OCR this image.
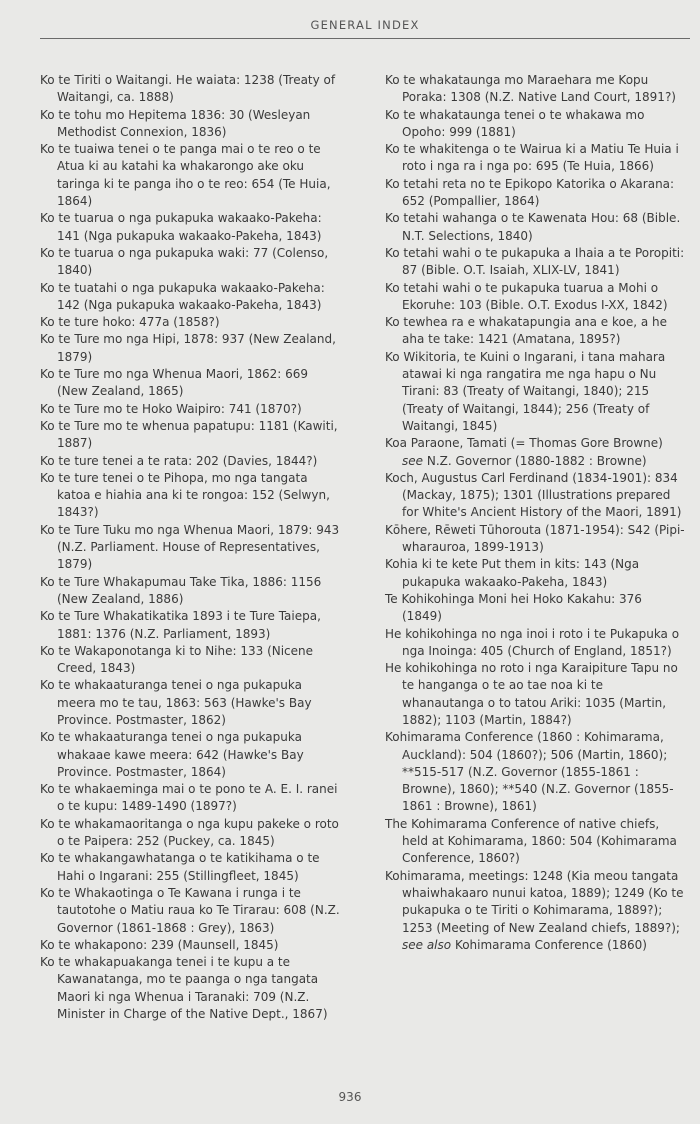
GENERAL INDEX

Ko te Tiriti o Waitangi. He waiata: 1238 (Treaty of Waitangi, ca. 1888)

Ko te tohu mo Hepitema 1836: 30 (Wesleyan Methodist Connexion, 1836)

Ko te tuaiwa tenei o te panga mai o te reo o te Atua ki au katahi ka whakarongo ake oku taringa ki te panga iho o te reo: 654 (Te Huia, 1864)

Ko te tuarua o nga pukapuka wakaako-Pakeha: 141 (Nga pukapuka wakaako-Pakeha, 1843)

Ko te tuarua o nga pukapuka waki: 77 (Colenso, 1840)

Ko te tuatahi o nga pukapuka wakaako-Pakeha: 142 (Nga pukapuka wakaako-Pakeha, 1843)

Ko te ture hoko: 477a (1858?)

Ko te Ture mo nga Hipi, 1878: 937 (New Zealand, 1879)

Ko te Ture mo nga Whenua Maori, 1862: 669 (New Zealand, 1865)

Ko te Ture mo te Hoko Waipiro: 741 (1870?)

Ko te Ture mo te whenua papatupu: 1181 (Kawiti, 1887)

Ko te ture tenei a te rata: 202 (Davies, 1844?)

Ko te ture tenei o te Pihopa, mo nga tangata katoa e hiahia ana ki te rongoa: 152 (Selwyn, 1843?)

Ko te Ture Tuku mo nga Whenua Maori, 1879: 943 (N.Z. Parliament. House of Representatives, 1879)

Ko te Ture Whakapumau Take Tika, 1886: 1156 (New Zealand, 1886)

Ko te Ture Whakatikatika 1893 i te Ture Taiepa, 1881: 1376 (N.Z. Parliament, 1893)

Ko te Wakaponotanga ki to Nihe: 133 (Nicene Creed, 1843)

Ko te whakaaturanga tenei o nga pukapuka meera mo te tau, 1863: 563 (Hawke's Bay Province. Postmaster, 1862)

Ko te whakaaturanga tenei o nga pukapuka whakaae kawe meera: 642 (Hawke's Bay Province. Postmaster, 1864)

Ko te whakaeminga mai o te pono te A. E. I. ranei o te kupu: 1489-1490 (1897?)

Ko te whakamaoritanga o nga kupu pakeke o roto o te Paipera: 252 (Puckey, ca. 1845)

Ko te whakangawhatanga o te katikihama o te Hahi o Ingarani: 255 (Stillingfleet, 1845)

Ko te Whakaotinga o Te Kawana i runga i te tautotohe o Matiu raua ko Te Tirarau: 608 (N.Z. Governor (1861-1868 : Grey), 1863)

Ko te whakapono: 239 (Maunsell, 1845)

Ko te whakapuakanga tenei i te kupu a te Kawanatanga, mo te paanga o nga tangata Maori ki nga Whenua i Taranaki: 709 (N.Z. Minister in Charge of the Native Dept., 1867)

Ko te whakataunga mo Maraehara me Kopu Poraka: 1308 (N.Z. Native Land Court, 1891?)

Ko te whakataunga tenei o te whakawa mo Opoho: 999 (1881)

Ko te whakitenga o te Wairua ki a Matiu Te Huia i roto i nga ra i nga po: 695 (Te Huia, 1866)

Ko tetahi reta no te Epikopo Katorika o Akarana: 652 (Pompallier, 1864)

Ko tetahi wahanga o te Kawenata Hou: 68 (Bible. N.T. Selections, 1840)

Ko tetahi wahi o te pukapuka a Ihaia a te Poropiti: 87 (Bible. O.T. Isaiah, XLIX-LV, 1841)

Ko tetahi wahi o te pukapuka tuarua a Mohi o Ekoruhe: 103 (Bible. O.T. Exodus I-XX, 1842)

Ko tewhea ra e whakatapungia ana e koe, a he aha te take: 1421 (Amatana, 1895?)

Ko Wikitoria, te Kuini o Ingarani, i tana mahara atawai ki nga rangatira me nga hapu o Nu Tirani: 83 (Treaty of Waitangi, 1840); 215 (Treaty of Waitangi, 1844); 256 (Treaty of Waitangi, 1845)

Koa Paraone, Tamati (= Thomas Gore Browne) see N.Z. Governor (1880-1882 : Browne)

Koch, Augustus Carl Ferdinand (1834-1901): 834 (Mackay, 1875); 1301 (Illustrations prepared for White's Ancient History of the Maori, 1891)

Kōhere, Rēweti Tūhorouta (1871-1954): S42 (Pipi-wharauroa, 1899-1913)

Kohia ki te kete Put them in kits: 143 (Nga pukapuka wakaako-Pakeha, 1843)

Te Kohikohinga Moni hei Hoko Kakahu: 376 (1849)

He kohikohinga no nga inoi i roto i te Pukapuka o nga Inoinga: 405 (Church of England, 1851?)

He kohikohinga no roto i nga Karaipiture Tapu no te hanganga o te ao tae noa ki te whanautanga o to tatou Ariki: 1035 (Martin, 1882); 1103 (Martin, 1884?)

Kohimarama Conference (1860 : Kohimarama, Auckland): 504 (1860?); 506 (Martin, 1860); **515-517 (N.Z. Governor (1855-1861 : Browne), 1860); **540 (N.Z. Governor (1855-1861 : Browne), 1861)

The Kohimarama Conference of native chiefs, held at Kohimarama, 1860: 504 (Kohimarama Conference, 1860?)

Kohimarama, meetings: 1248 (Kia meou tangata whaiwhakaaro nunui katoa, 1889); 1249 (Ko te pukapuka o te Tiriti o Kohimarama, 1889?); 1253 (Meeting of New Zealand chiefs, 1889?); see also Kohimarama Conference (1860)

936
